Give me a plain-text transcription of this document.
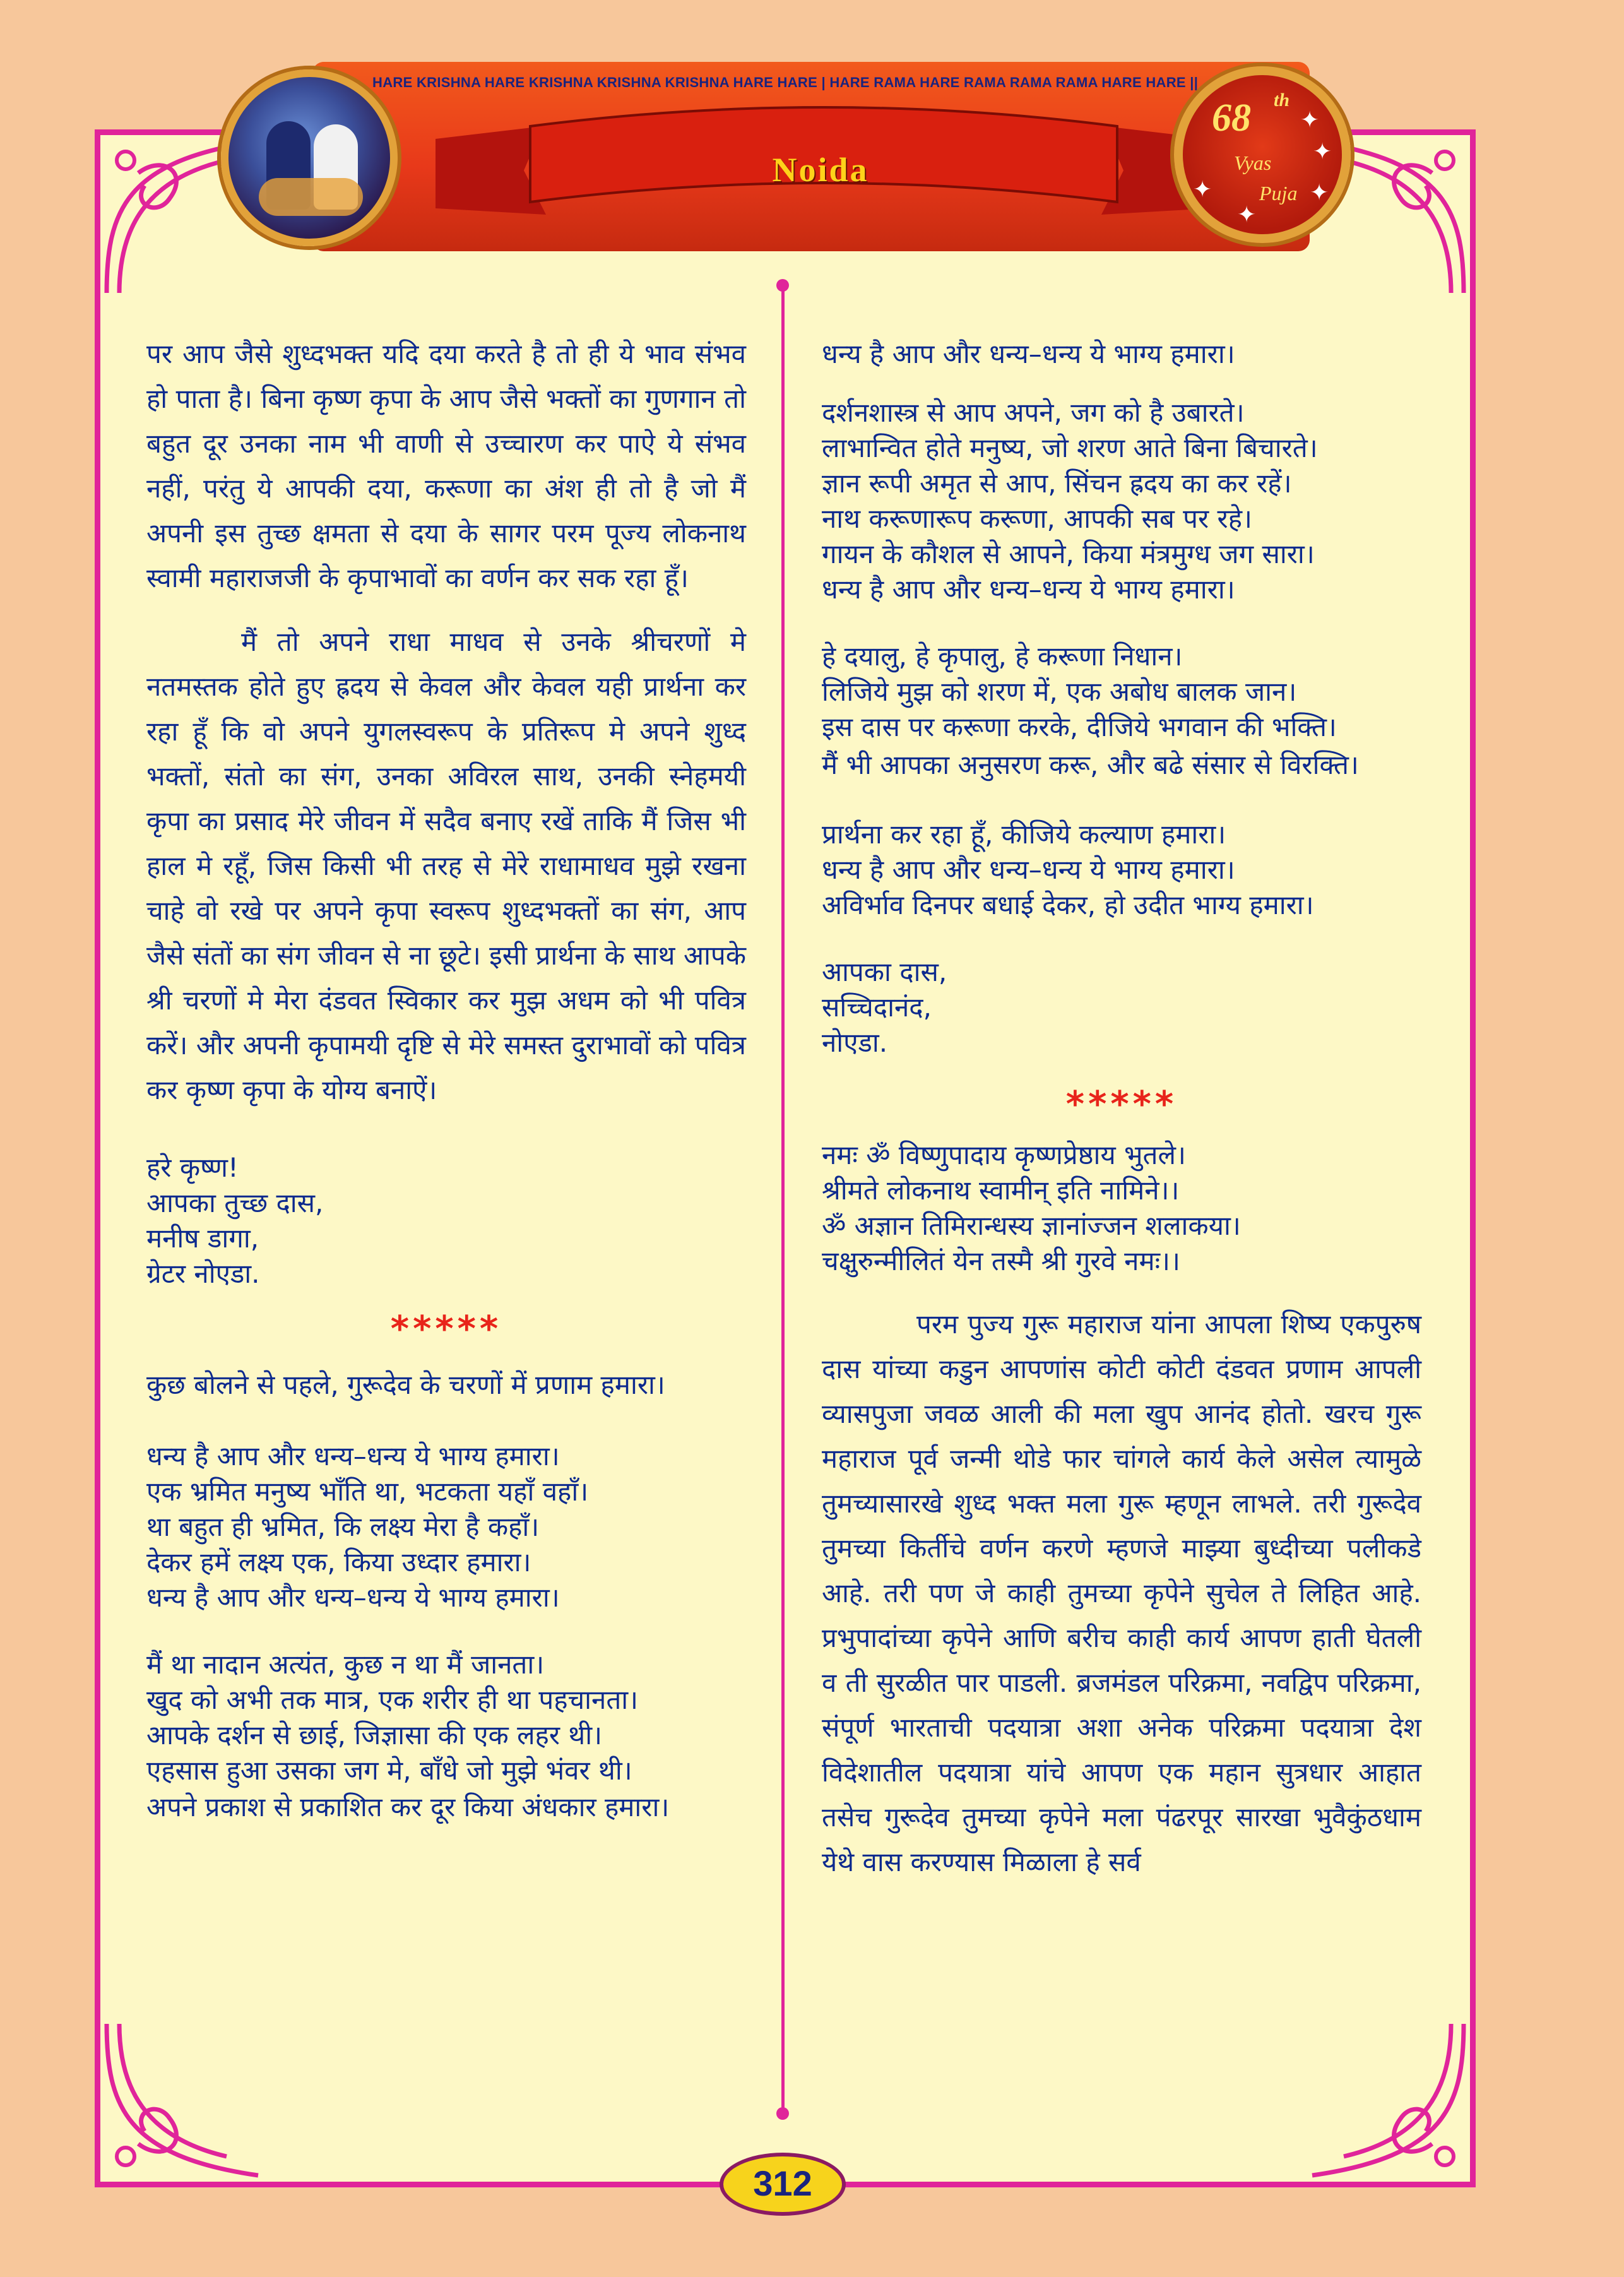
HARE KRISHNA HARE KRISHNA KRISHNA KRISHNA HARE HARE | HARE RAMA HARE RAMA RAMA RAMA HARE HARE ||
Noida
68	th
Vyas
Puja
✦
✦
✦	✦
✦

पर आप जैसे शुध्दभक्त यदि दया करते है तो ही ये भाव संभव हो पाता है। बिना कृष्ण कृपा के आप जैसे भक्तों का गुणगान तो बहुत दूर उनका नाम भी वाणी से उच्चारण कर पाऐ ये संभव नहीं, परंतु ये आपकी दया, करूणा का अंश ही तो है जो मैं अपनी इस तुच्छ क्षमता से दया के सागर परम पूज्य लोकनाथ स्वामी महाराजजी के कृपाभावों का वर्णन कर सक रहा हूँ।

मैं तो अपने राधा माधव से उनके श्रीचरणों मे नतमस्तक होते हुए ह्रदय से केवल और केवल यही प्रार्थना कर रहा हूँ कि वो अपने युगलस्वरूप के प्रतिरूप मे अपने शुध्द भक्तों, संतो का संग, उनका अविरल साथ, उनकी स्नेहमयी कृपा का प्रसाद मेरे जीवन में सदैव बनाए रखें ताकि मैं जिस भी हाल मे रहूँ, जिस किसी भी तरह से मेरे राधामाधव मुझे रखना चाहे वो रखे पर अपने कृपा स्वरूप शुध्दभक्तों का संग, आप जैसे संतों का संग जीवन से ना छूटे। इसी प्रार्थना के साथ आपके श्री चरणों मे मेरा दंडवत स्विकार कर मुझ अधम को भी पवित्र करें। और अपनी कृपामयी दृष्टि से मेरे समस्त दुराभावों को पवित्र कर कृष्ण कृपा के योग्य बनाऐं।

हरे कृष्ण!

आपका तुच्छ दास,

मनीष डागा,

ग्रेटर नोएडा.

*****

कुछ बोलने से पहले, गुरूदेव के चरणों में प्रणाम हमारा।

धन्य है आप और धन्य–धन्य ये भाग्य हमारा।

एक भ्रमित मनुष्य भाँति था, भटकता यहाँ वहाँ।

था बहुत ही भ्रमित, कि लक्ष्य मेरा है कहाँ।

देकर हमें लक्ष्य एक, किया उध्दार हमारा।

धन्य है आप और धन्य–धन्य ये भाग्य हमारा।

मैं था नादान अत्यंत, कुछ न था मैं जानता।

खुद को अभी तक मात्र, एक शरीर ही था पहचानता।

आपके दर्शन से छाई, जिज्ञासा की एक लहर थी।

एहसास हुआ उसका जग मे, बाँधे जो मुझे भंवर थी।

अपने प्रकाश से प्रकाशित कर दूर किया अंधकार हमारा।

धन्य है आप और धन्य–धन्य ये भाग्य हमारा।

दर्शनशास्त्र से आप अपने, जग को है उबारते।

लाभान्वित होते मनुष्य, जो शरण आते बिना बिचारते।

ज्ञान रूपी अमृत से आप, सिंचन ह्रदय का कर रहें।

नाथ करूणारूप करूणा, आपकी सब पर रहे।

गायन के कौशल से आपने, किया मंत्रमुग्ध जग सारा।

धन्य है आप और धन्य–धन्य ये भाग्य हमारा।

हे दयालु, हे कृपालु, हे करूणा निधान।

लिजिये मुझ को शरण में, एक अबोध बालक जान।

इस दास पर करूणा करके, दीजिये भगवान की भक्ति।

मैं भी आपका अनुसरण करू, और बढे संसार से विरक्ति।

प्रार्थना कर रहा हूँ, कीजिये कल्याण हमारा।

धन्य है आप और धन्य–धन्य ये भाग्य हमारा।

अविर्भाव दिनपर बधाई देकर, हो उदीत भाग्य हमारा।

आपका दास,

सच्चिदानंद,

नोएडा.

*****

नमः ॐ विष्णुपादाय कृष्णप्रेष्ठाय भुतले।

श्रीमते लोकनाथ स्वामीन् इति नामिने।।

ॐ अज्ञान तिमिरान्धस्य ज्ञानांज्जन शलाकया।

चक्षुरुन्मीलितं येन तस्मै श्री गुरवे नमः।।

परम पुज्य गुरू महाराज यांना आपला शिष्य एकपुरुष दास यांच्या कडुन आपणांस कोटी कोटी दंडवत प्रणाम आपली व्यासपुजा जवळ आली की मला खुप आनंद होतो. खरच गुरू महाराज पूर्व जन्मी थोडे फार चांगले कार्य केले असेल त्यामुळे तुमच्यासारखे शुध्द भक्त मला गुरू म्हणून लाभले. तरी गुरूदेव तुमच्या किर्तीचे वर्णन करणे म्हणजे माझ्या बुध्दीच्या पलीकडे आहे. तरी पण जे काही तुमच्या कृपेने सुचेल ते लिहित आहे. प्रभुपादांच्या कृपेने आणि बरीच काही कार्य आपण हाती घेतली व ती सुरळीत पार पाडली. ब्रजमंडल परिक्रमा, नवद्विप परिक्रमा, संपूर्ण भारताची पदयात्रा अशा अनेक परिक्रमा पदयात्रा देश विदेशातील पदयात्रा यांचे आपण एक महान सुत्रधार आहात तसेच गुरूदेव तुमच्या कृपेने मला पंढरपूर सारखा भुवैकुंठधाम येथे वास करण्यास मिळाला हे सर्व

312
